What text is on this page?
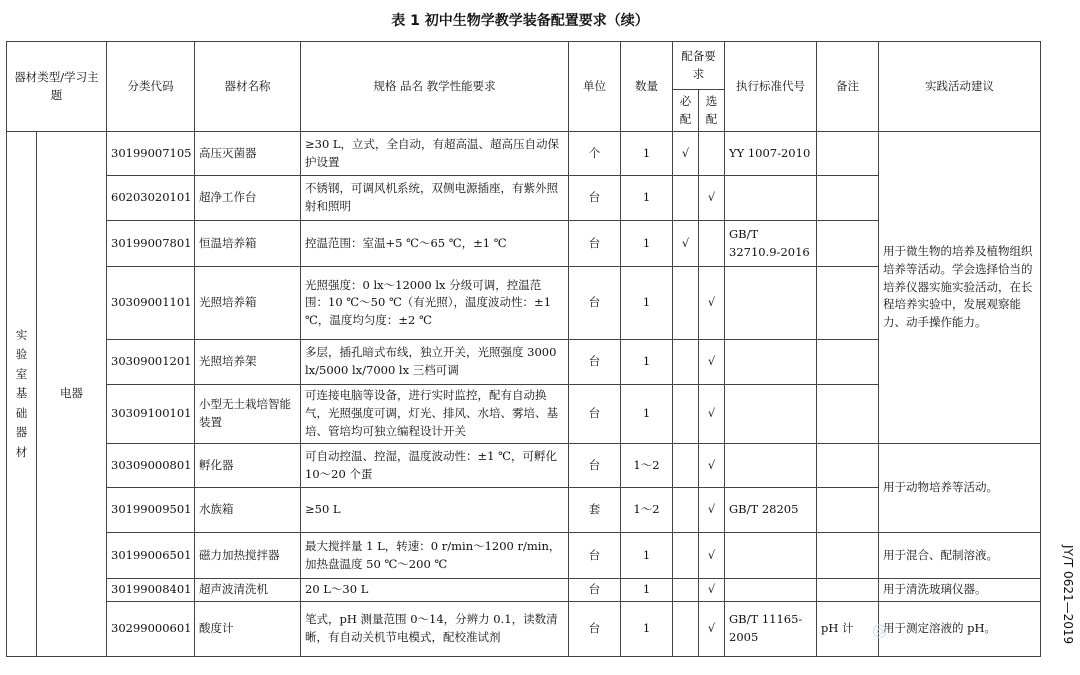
表 1 初中生物学教学装备配置要求（续）
器材类型/学习主题		分类代码	器材名称	规格 品名 教学性能要求	单位	数量	配备要求		执行标准代号	备注	实践活动建议
							必配	选配			
实验室基础器材	电器	30199007105	高压灭菌器	≥30 L，立式，全自动，有超高温、超高压自动保护设置	个	1	√		YY 1007-2010		用于微生物的培养及植物组织培养等活动。学会选择恰当的培养仪器实施实验活动，在长程培养实验中，发展观察能力、动手操作能力。
		60203020101	超净工作台	不锈钢，可调风机系统，双侧电源插座，有紫外照射和照明	台	1		√			
		30199007801	恒温培养箱	控温范围：室温+5 ℃～65 ℃，±1 ℃	台	1	√		GB/T 32710.9-2016		
		30309001101	光照培养箱	光照强度：0 lx～12000 lx 分级可调，控温范围：10 ℃～50 ℃（有光照），温度波动性：±1 ℃，温度均匀度：±2 ℃	台	1		√			
		30309001201	光照培养架	多层，插孔暗式布线，独立开关，光照强度 3000 lx/5000 lx/7000 lx 三档可调	台	1		√			
		30309100101	小型无土栽培智能装置	可连接电脑等设备，进行实时监控，配有自动换气，光照强度可调，灯光、排风、水培、雾培、基培、管培均可独立编程设计开关	台	1		√			
		30309000801	孵化器	可自动控温、控湿，温度波动性：±1 ℃，可孵化 10～20 个蛋	台	1～2		√			用于动物培养等活动。
		30199009501	水族箱	≥50 L	套	1～2		√	GB/T 28205		
		30199006501	磁力加热搅拌器	最大搅拌量 1 L，转速：0 r/min～1200 r/min，加热盘温度 50 ℃～200 ℃	台	1		√			用于混合、配制溶液。
		30199008401	超声波清洗机	20 L～30 L	台	1		√			用于清洗玻璃仪器。
		30299000601	酸度计	笔式，pH 测量范围 0～14，分辨力 0.1，读数清晰，有自动关机节电模式，配校准试剂	台	1		√	GB/T 11165-2005	pH 计	用于测定溶液的 pH。	JY/T 0621—2019
◎
